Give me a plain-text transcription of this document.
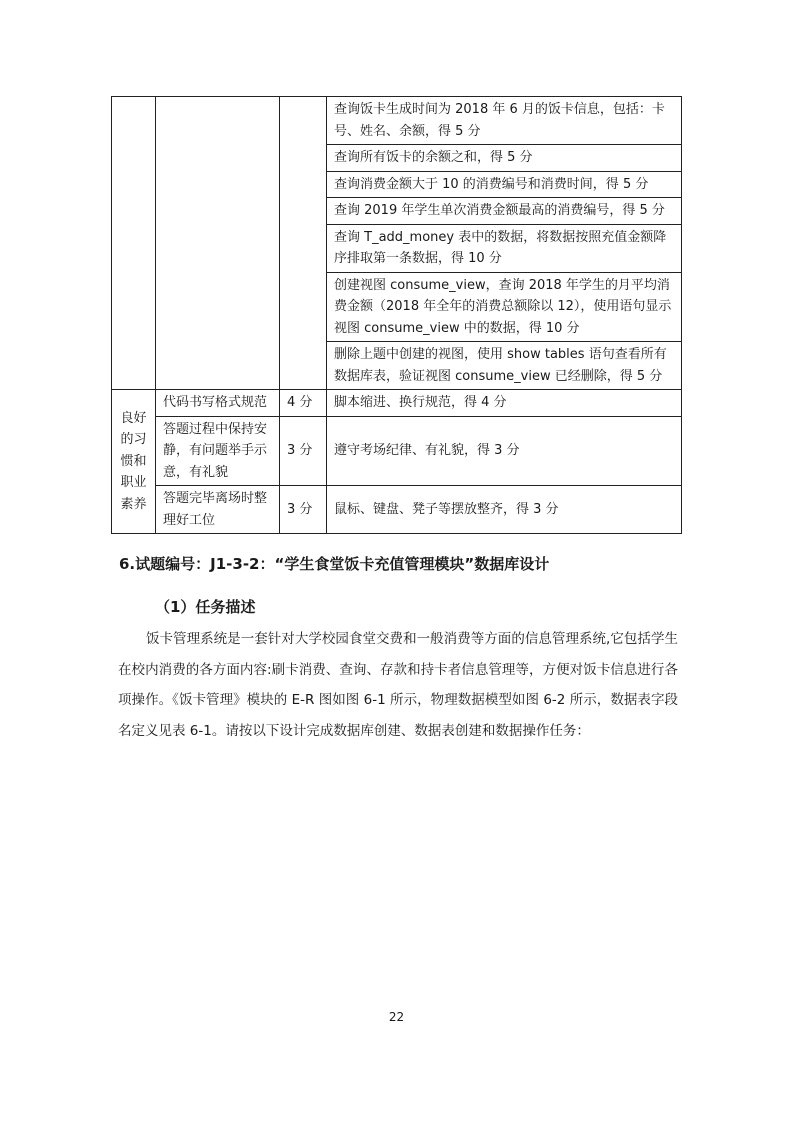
			查询饭卡生成时间为 2018 年 6 月的饭卡信息，包括：卡号、姓名、余额，得 5 分
			查询所有饭卡的余额之和，得 5 分
			查询消费金额大于 10 的消费编号和消费时间，得 5 分
			查询 2019 年学生单次消费金额最高的消费编号，得 5 分
			查询 T_add_money 表中的数据，将数据按照充值金额降序排取第一条数据，得 10 分
			创建视图 consume_view，查询 2018 年学生的月平均消费金额（2018 年全年的消费总额除以 12），使用语句显示视图 consume_view 中的数据，得 10 分
			删除上题中创建的视图，使用 show tables 语句查看所有数据库表，验证视图 consume_view 已经删除，得 5 分
良好的习惯和职业素养	代码书写格式规范	4 分	脚本缩进、换行规范，得 4 分
	答题过程中保持安静，有问题举手示意，有礼貌	3 分	遵守考场纪律、有礼貌，得 3 分
	答题完毕离场时整理好工位	3 分	鼠标、键盘、凳子等摆放整齐，得 3 分
6.试题编号：J1-3-2：“学生食堂饭卡充值管理模块”数据库设计
（1）任务描述

饭卡管理系统是一套针对大学校园食堂交费和一般消费等方面的信息管理系统,它包括学生在校内消费的各方面内容:刷卡消费、查询、存款和持卡者信息管理等，方便对饭卡信息进行各项操作。《饭卡管理》模块的 E-R 图如图 6-1 所示，物理数据模型如图 6-2 所示，数据表字段名定义见表 6-1。请按以下设计完成数据库创建、数据表创建和数据操作任务：

22
